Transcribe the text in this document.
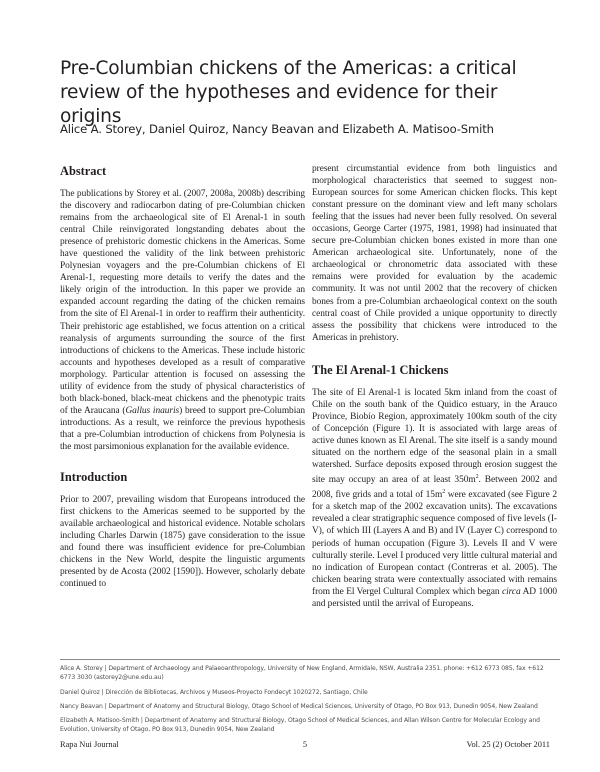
Pre-Columbian chickens of the Americas: a critical review of the hypotheses and evidence for their origins
Alice A. Storey, Daniel Quiroz, Nancy Beavan and Elizabeth A. Matisoo-Smith
Abstract

The publications by Storey et al. (2007, 2008a, 2008b) describing the discovery and radiocarbon dating of pre-Columbian chicken remains from the archaeological site of El Arenal-1 in south central Chile reinvigorated longstanding debates about the presence of prehistoric domestic chickens in the Americas. Some have questioned the validity of the link between prehistoric Polynesian voyagers and the pre-Columbian chickens of El Arenal-1, requesting more details to verify the dates and the likely origin of the introduction. In this paper we provide an expanded account regarding the dating of the chicken remains from the site of El Arenal-1 in order to reaffirm their authenticity. Their prehistoric age established, we focus attention on a critical reanalysis of arguments surrounding the source of the first introductions of chickens to the Americas. These include historic accounts and hypotheses developed as a result of comparative morphology. Particular attention is focused on assessing the utility of evidence from the study of physical characteristics of both black-boned, black-meat chickens and the phenotypic traits of the Araucana (Gallus inauris) breed to support pre-Columbian introductions. As a result, we reinforce the previous hypothesis that a pre-Columbian introduction of chickens from Polynesia is the most parsimonious explanation for the available evidence.

Introduction

Prior to 2007, prevailing wisdom that Europeans introduced the first chickens to the Americas seemed to be supported by the available archaeological and historical evidence. Notable scholars including Charles Darwin (1875) gave consideration to the issue and found there was insufficient evidence for pre-Columbian chickens in the New World, despite the linguistic arguments presented by de Acosta (2002 [1590]). However, scholarly debate continued to

present circumstantial evidence from both linguistics and morphological characteristics that seemed to suggest non-European sources for some American chicken flocks. This kept constant pressure on the dominant view and left many scholars feeling that the issues had never been fully resolved. On several occasions, George Carter (1975, 1981, 1998) had insinuated that secure pre-Columbian chicken bones existed in more than one American archaeological site. Unfortunately, none of the archaeological or chronometric data associated with these remains were provided for evaluation by the academic community. It was not until 2002 that the recovery of chicken bones from a pre-Columbian archaeological context on the south central coast of Chile provided a unique opportunity to directly assess the possibility that chickens were introduced to the Americas in prehistory.

The El Arenal-1 Chickens

The site of El Arenal-1 is located 5km inland from the coast of Chile on the south bank of the Quidico estuary, in the Arauco Province, Biobío Region, approximately 100km south of the city of Concepción (Figure 1). It is associated with large areas of active dunes known as El Arenal. The site itself is a sandy mound situated on the northern edge of the seasonal plain in a small watershed. Surface deposits exposed through erosion suggest the site may occupy an area of at least $350m^2$. Between 2002 and 2008, five grids and a total of $15m^2$ were excavated (see Figure 2 for a sketch map of the 2002 excavation units). The excavations revealed a clear stratigraphic sequence composed of five levels (I-V), of which III (Layers A and B) and IV (Layer C) correspond to periods of human occupation (Figure 3). Levels II and V were culturally sterile. Level I produced very little cultural material and no indication of European contact (Contreras et al. 2005). The chicken bearing strata were contextually associated with remains from the El Vergel Cultural Complex which began circa AD 1000 and persisted until the arrival of Europeans.

Alice A. Storey | Department of Archaeology and Palaeoanthropology, University of New England, Armidale, NSW, Australia 2351. phone: +612 6773 085, fax +612 6773 3030 (astorey2@une.edu.au)
Daniel Quiroz | Dirección de Bibliotecas, Archivos y Museos-Proyecto Fondecyt 1020272, Santiago, Chile
Nancy Beavan | Department of Anatomy and Structural Biology, Otago School of Medical Sciences, University of Otago, PO Box 913, Dunedin 9054, New Zealand
Elizabeth A. Matisoo-Smith | Department of Anatomy and Structural Biology, Otago School of Medical Sciences, and Allan Wilson Centre for Molecular Ecology and Evolution, University of Otago, PO Box 913, Dunedin 9054, New Zealand
Rapa Nui Journal	5	Vol. 25 (2) October 2011
